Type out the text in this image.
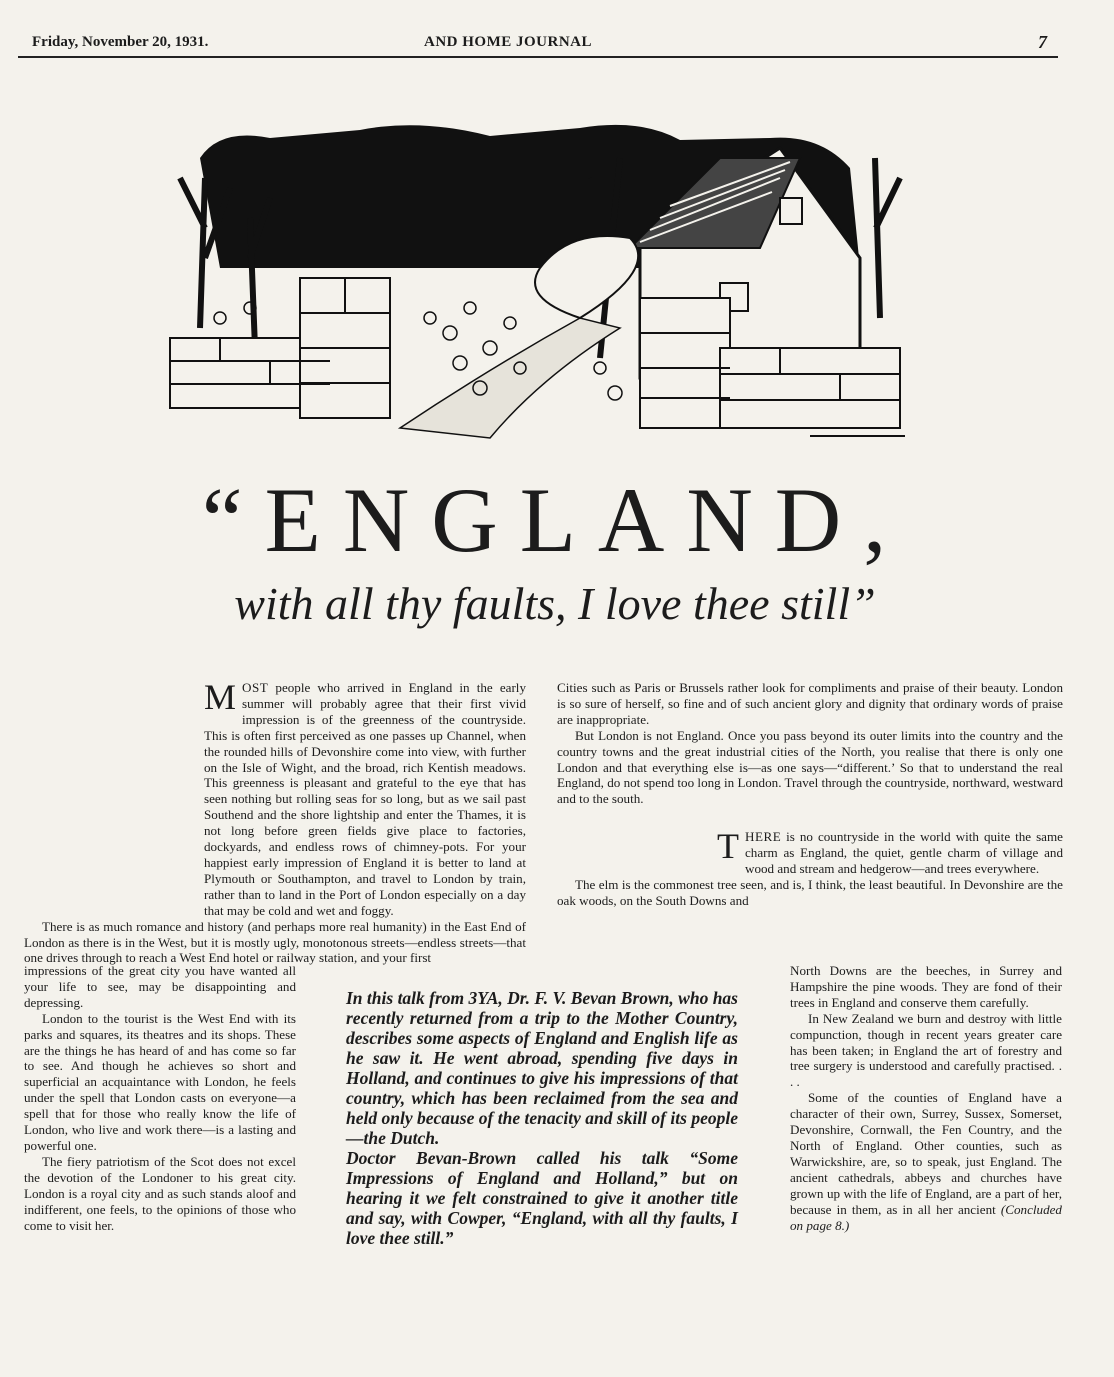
Friday, November 20, 1931.	AND HOME JOURNAL	7
“ENGLAND,
with all thy faults, I love thee still”

MOST people who arrived in England in the early summer will probably agree that their first vivid impression is of the greenness of the countryside. This is often first perceived as one passes up Channel, when the rounded hills of Devonshire come into view, with further on the Isle of Wight, and the broad, rich Kentish meadows. This greenness is pleasant and grateful to the eye that has seen nothing but rolling seas for so long, but as we sail past Southend and the shore lightship and enter the Thames, it is not long before green fields give place to factories, dockyards, and endless rows of chimney-pots. For your happiest early impression of England it is better to land at Plymouth or Southampton, and travel to London by train, rather than to land in the Port of London especially on a day that may be cold and wet and foggy.

There is as much romance and history (and perhaps more real humanity) in the East End of London as there is in the West, but it is mostly ugly, monotonous streets—endless streets—that one drives through to reach a West End hotel or railway station, and your first

impressions of the great city you have wanted all your life to see, may be disappointing and depressing.

London to the tourist is the West End with its parks and squares, its theatres and its shops. These are the things he has heard of and has come so far to see. And though he achieves so short and superficial an acquaintance with London, he feels under the spell that London casts on everyone—a spell that for those who really know the life of London, who live and work there—is a lasting and powerful one.

The fiery patriotism of the Scot does not excel the devotion of the Londoner to his great city. London is a royal city and as such stands aloof and indifferent, one feels, to the opinions of those who come to visit her.

Cities such as Paris or Brussels rather look for compliments and praise of their beauty. London is so sure of herself, so fine and of such ancient glory and dignity that ordinary words of praise are inappropriate.

But London is not England. Once you pass beyond its outer limits into the country and the country towns and the great industrial cities of the North, you realise that there is only one London and that everything else is—as one says—“different.’ So that to understand the real England, do not spend too long in London. Travel through the countryside, northward, westward and to the south.

THERE is no countryside in the world with quite the same charm as England, the quiet, gentle charm of village and wood and stream and hedgerow—and trees everywhere.

The elm is the commonest tree seen, and is, I think, the least beautiful. In Devonshire are the oak woods, on the South Downs and

North Downs are the beeches, in Surrey and Hampshire the pine woods. They are fond of their trees in England and conserve them carefully.

In New Zealand we burn and destroy with little compunction, though in recent years greater care has been taken; in England the art of forestry and tree surgery is understood and carefully practised. . . .

Some of the counties of England have a character of their own, Surrey, Sussex, Somerset, Devonshire, Cornwall, the Fen Country, and the North of England. Other counties, such as Warwickshire, are, so to speak, just England. The ancient cathedrals, abbeys and churches have grown up with the life of England, are a part of her, because in them, as in all her ancient (Concluded on page 8.)

In this talk from 3YA, Dr. F. V. Bevan Brown, who has recently returned from a trip to the Mother Country, describes some aspects of England and English life as he saw it. He went abroad, spending five days in Holland, and continues to give his impressions of that country, which has been reclaimed from the sea and held only because of the tenacity and skill of its people—the Dutch.

Doctor Bevan-Brown called his talk “Some Impressions of England and Holland,” but on hearing it we felt constrained to give it another title and say, with Cowper, “England, with all thy faults, I love thee still.”
